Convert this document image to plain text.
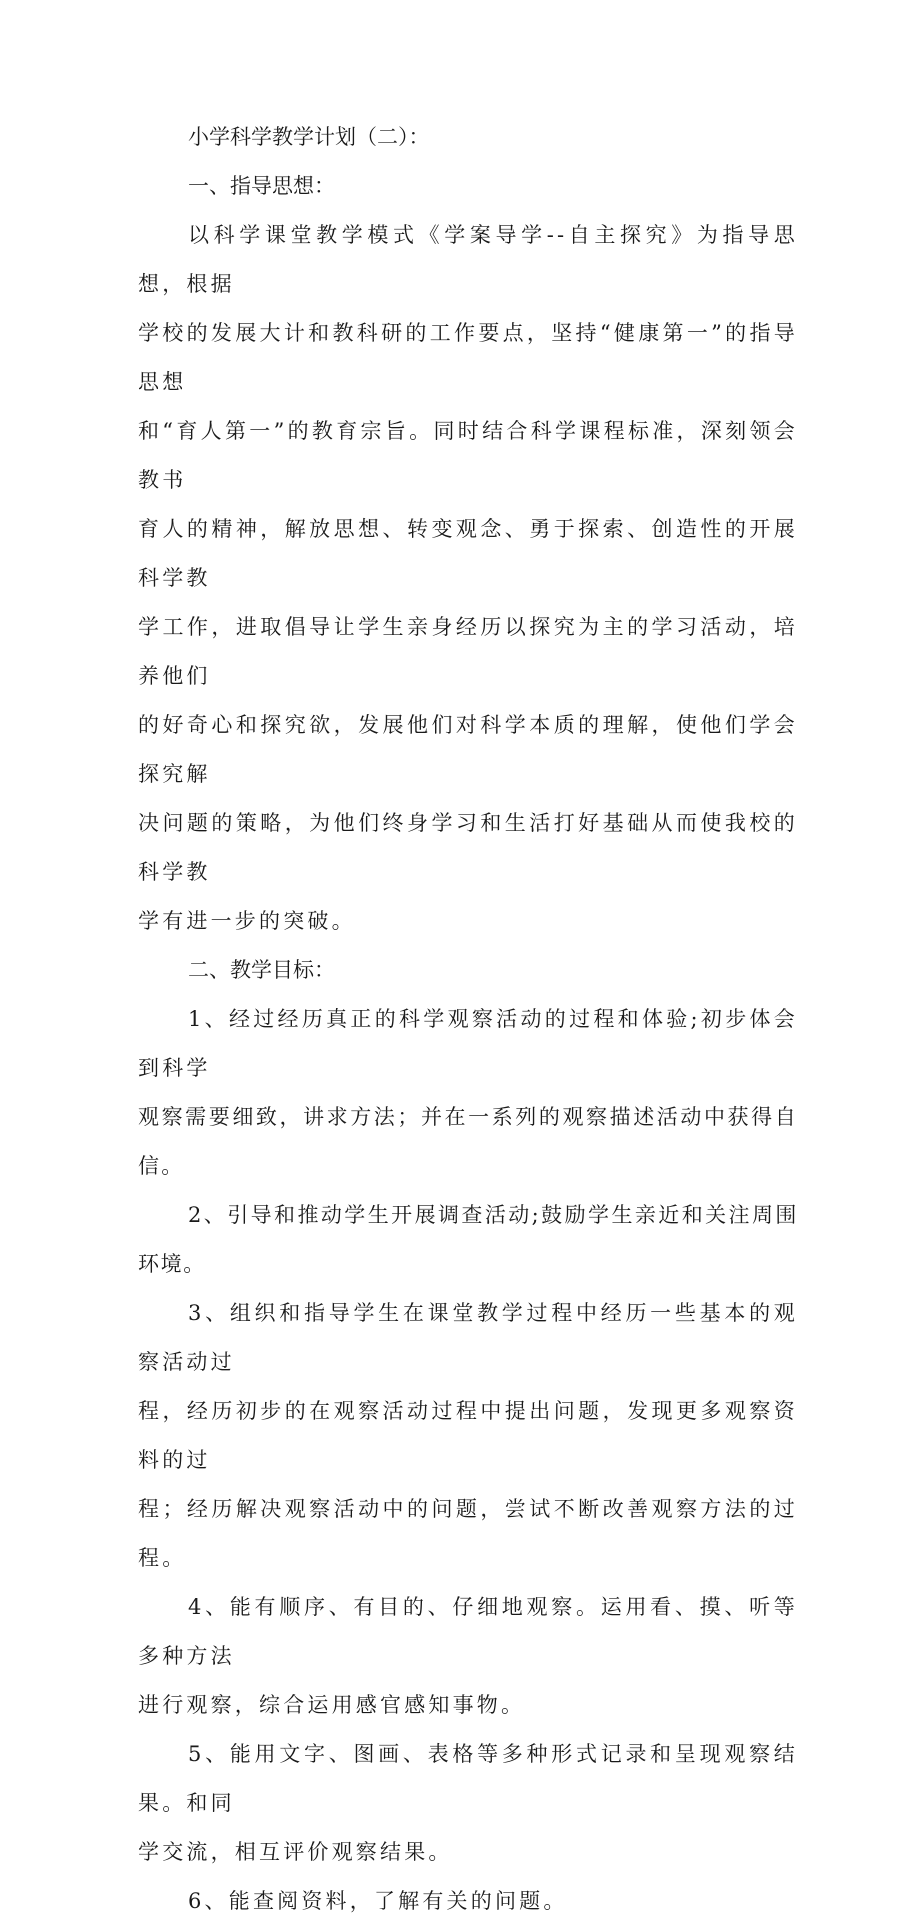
小学科学教学计划（二）：

一、指导思想：

以科学课堂教学模式《学案导学--自主探究》为指导思想，根据

学校的发展大计和教科研的工作要点，坚持“健康第一”的指导思想

和“育人第一”的教育宗旨。同时结合科学课程标准，深刻领会教书

育人的精神，解放思想、转变观念、勇于探索、创造性的开展科学教

学工作，进取倡导让学生亲身经历以探究为主的学习活动，培养他们

的好奇心和探究欲，发展他们对科学本质的理解，使他们学会探究解

决问题的策略，为他们终身学习和生活打好基础从而使我校的科学教

学有进一步的突破。

二、教学目标：

1、经过经历真正的科学观察活动的过程和体验;初步体会到科学

观察需要细致，讲求方法；并在一系列的观察描述活动中获得自信。

2、引导和推动学生开展调查活动;鼓励学生亲近和关注周围环境。

3、组织和指导学生在课堂教学过程中经历一些基本的观察活动过

程，经历初步的在观察活动过程中提出问题，发现更多观察资料的过

程；经历解决观察活动中的问题，尝试不断改善观察方法的过程。

4、能有顺序、有目的、仔细地观察。运用看、摸、听等多种方法

进行观察，综合运用感官感知事物。

5、能用文字、图画、表格等多种形式记录和呈现观察结果。和同

学交流，相互评价观察结果。

6、能查阅资料，了解有关的问题。
